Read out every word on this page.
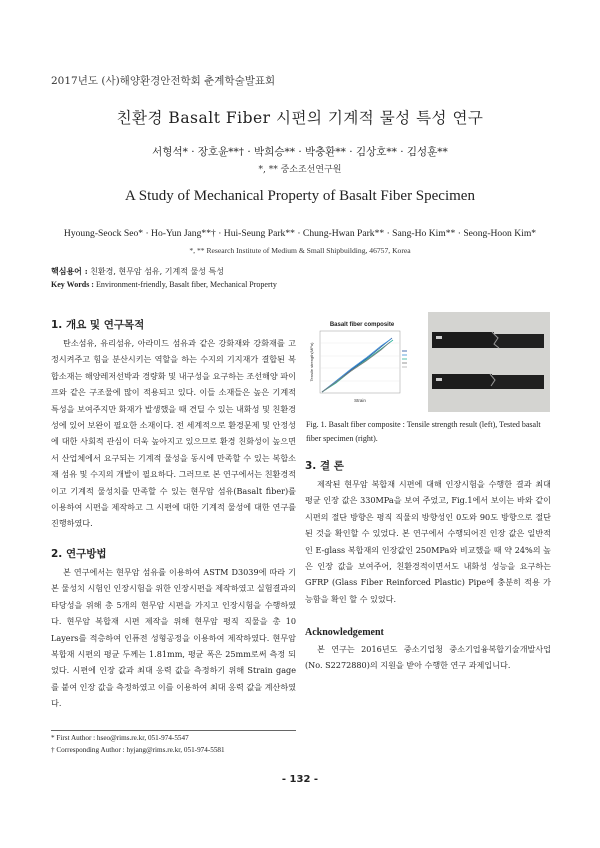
2017년도 (사)해양환경안전학회 춘계학술발표회
친환경 Basalt Fiber 시편의 기계적 물성 특성 연구
서형석* · 장호윤**† · 박희승** · 박충환** · 김상호** · 김성훈**
*, ** 중소조선연구원
A Study of Mechanical Property of Basalt Fiber Specimen
Hyoung-Seock Seo* · Ho-Yun Jang**† · Hui-Seung Park** · Chung-Hwan Park** · Sang-Ho Kim** · Seong-Hoon Kim*
*, ** Research Institute of Medium & Small Shipbuilding, 46757, Korea
핵심용어 : 친환경, 현무암 섬유, 기계적 물성 특성
Key Words : Environment-friendly, Basalt fiber, Mechanical Property
1. 개요 및 연구목적

탄소섬유, 유리섬유, 아라미드 섬유과 같은 강화재와 강화재를 고정시켜주고 힘을 분산시키는 역할을 하는 수지의 기지재가 결합된 복합소재는 해양레저선박과 경량화 및 내구성을 요구하는 조선해양 파이프와 같은 구조물에 많이 적용되고 있다. 이들 소재들은 높은 기계적 특성을 보여주지만 화재가 발생했을 때 견딜 수 있는 내화성 및 친환경성에 있어 보완이 필요한 소재이다. 전 세계적으로 환경문제 및 안정성에 대한 사회적 관심이 더욱 높아지고 있으므로 환경 친화성이 높으면서 산업체에서 요구되는 기계적 물성을 동시에 만족할 수 있는 복합소재 섬유 및 수지의 개발이 필요하다. 그러므로 본 연구에서는 친환경적이고 기계적 물성치를 만족할 수 있는 현무암 섬유(Basalt fiber)를 이용하여 시편을 제작하고 그 시편에 대한 기계적 물성에 대한 연구를 진행하였다.

2. 연구방법

본 연구에서는 현무암 섬유를 이용하여 ASTM D3039에 따라 기본 물성치 시험인 인장시험을 위한 인장시편을 제작하였고 실험결과의 타당성을 위해 총 5개의 현무암 시편을 가지고 인장시험을 수행하였다. 현무암 복합재 시편 제작을 위해 현무암 평직 직물을 총 10 Layers를 적층하여 인퓨전 성형공정을 이용하여 제작하였다. 현무암 복합재 시편의 평균 두께는 1.81mm, 평균 폭은 25mm로써 측정 되었다. 시편에 인장 값과 최대 응력 값을 측정하기 위해 Strain gage를 붙여 인장 값을 측정하였고 이를 이용하여 최대 응력 값을 계산하였다.

* First Author : hseo@rims.re.kr, 051-974-5547
† Corresponding Author : hyjang@rims.re.kr, 051-974-5581
Basalt fiber composite
Strain
Tensile strength(MPa)
Fig. 1. Basalt fiber composite : Tensile strength result (left), Tested basalt fiber specimen (right).
3. 결 론

제작된 현무암 복합재 시편에 대해 인장시험을 수행한 결과 최대 평균 인장 값은 330MPa을 보여 주었고, Fig.1에서 보이는 바와 같이 시편의 절단 방향은 평직 직물의 방향성인 0도와 90도 방향으로 절단 된 것을 확인할 수 있었다. 본 연구에서 수행되어진 인장 값은 일반적인 E-glass 복합재의 인장값인 250MPa와 비교했을 때 약 24%의 높은 인장 값을 보여주어, 친환경적이면서도 내화성 성능을 요구하는 GFRP (Glass Fiber Reinforced Plastic) Pipe에 충분히 적용 가능함을 확인 할 수 있었다.

Acknowledgement

본 연구는 2016년도 중소기업청 중소기업융복합기술개발사업(No. S2272880)의 지원을 받아 수행한 연구 과제입니다.

- 132 -
